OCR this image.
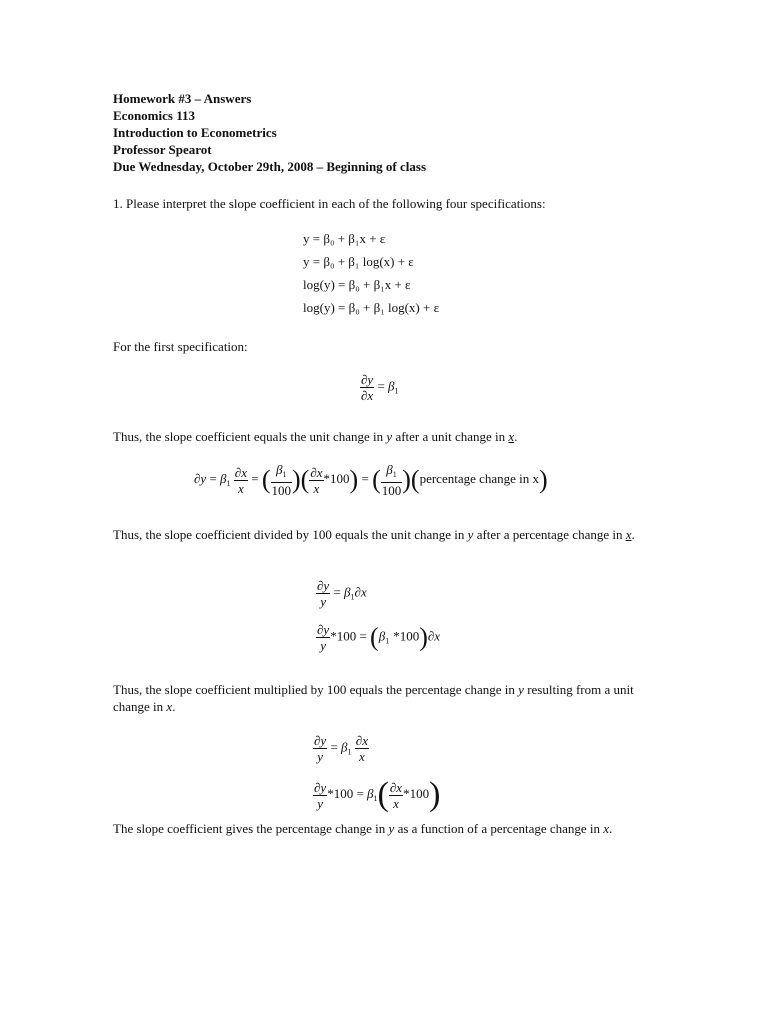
Homework #3 – Answers
Economics 113
Introduction to Econometrics
Professor Spearot
Due Wednesday, October 29th, 2008 – Beginning of class
1. Please interpret the slope coefficient in each of the following four specifications:
y = β₀ + β₁x + ε
y = β₀ + β₁ log(x) + ε
log(y) = β₀ + β₁x + ε
log(y) = β₀ + β₁ log(x) + ε
For the first specification:
$\frac{\partial y}{\partial x} = \beta_1$
Thus, the slope coefficient equals the unit change in y after a unit change in x.
$\partial y = \beta_1 \frac{\partial x}{x}$ = ( $\frac{\beta_1}{100}$ )( $\frac{\partial x}{x} *100$) = ( $\frac{\beta_1}{100}$ )(percentage change in x)
Thus, the slope coefficient divided by 100 equals the unit change in y after a percentage change in x.
$\frac{\partial y}{y} = \beta_1\partial x$
$\frac{\partial y}{y} *100 = (\beta_1$ *100)∂x
Thus, the slope coefficient multiplied by 100 equals the percentage change in y resulting from a unit change in x.
$\frac{\partial y}{y} = \beta_1 \frac{\partial x}{x}$
$\frac{\partial y}{y} *100 = \beta_1( \frac{\partial x}{x} *100)$
The slope coefficient gives the percentage change in y as a function of a percentage change in x.
